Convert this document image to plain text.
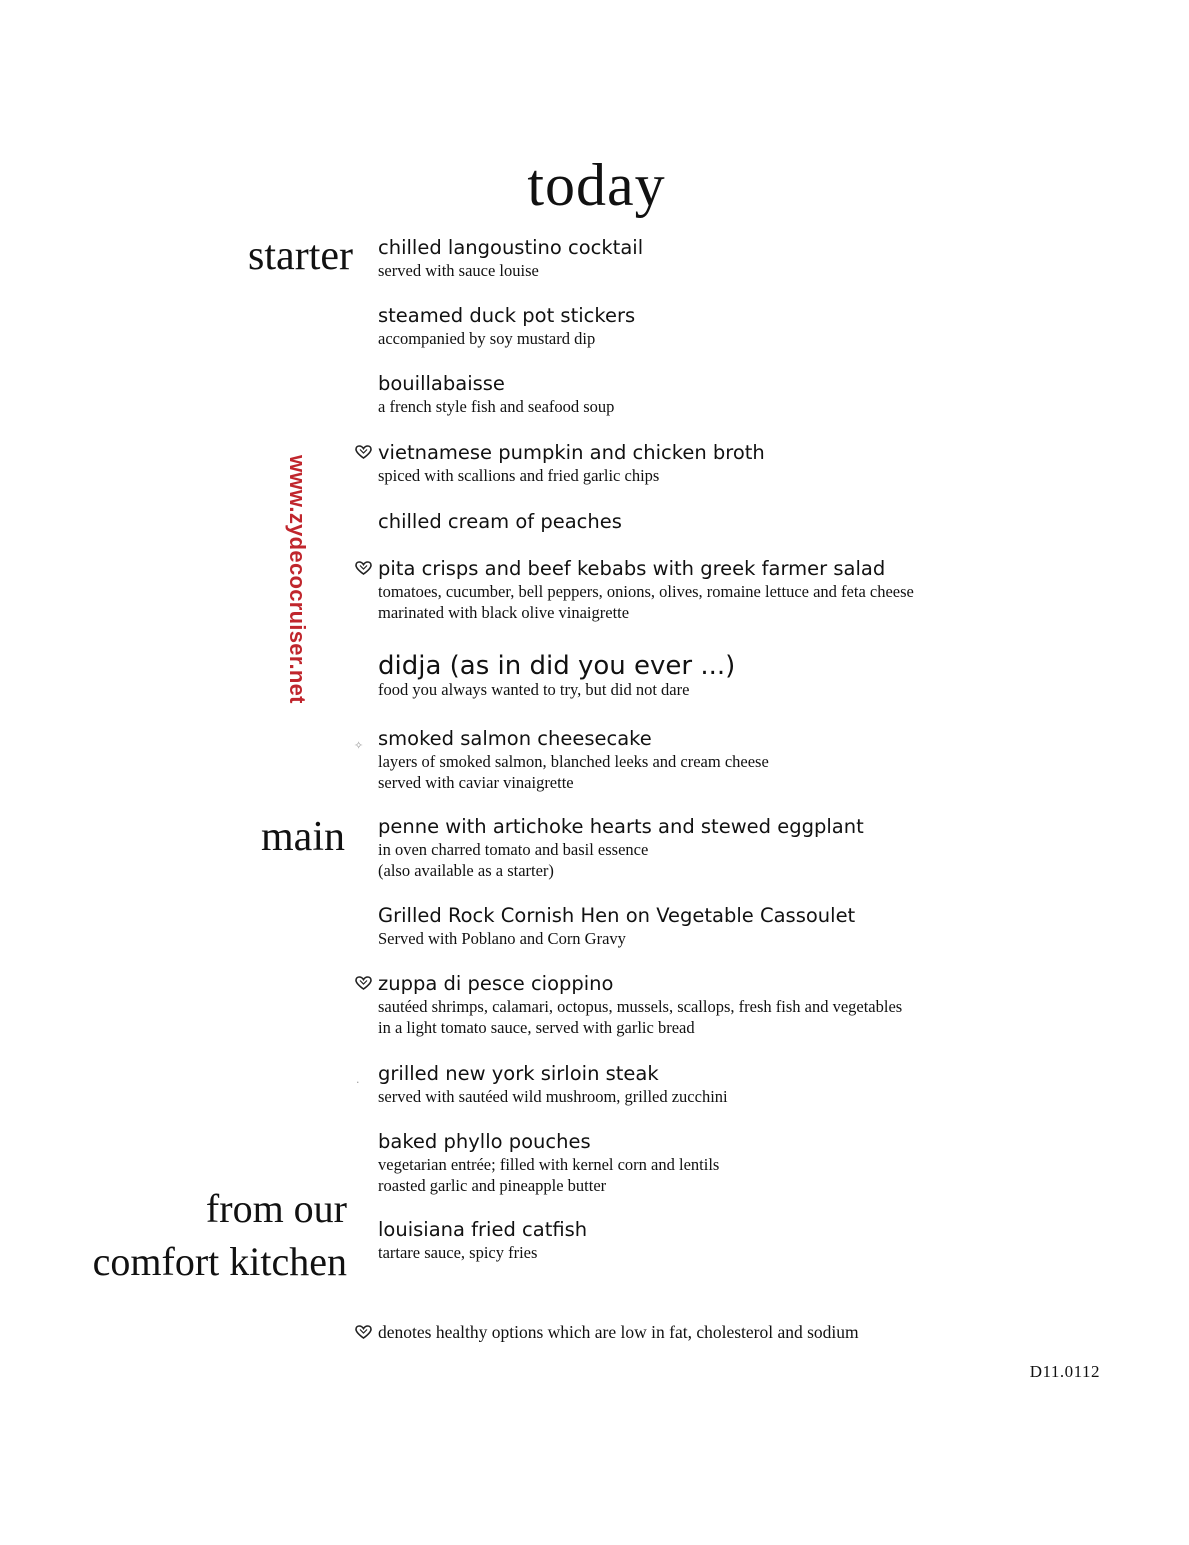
today
starter
main
from our
comfort kitchen
www.zydecocruiser.net
chilled langoustino cocktail
served with sauce louise
steamed duck pot stickers
accompanied by soy mustard dip
bouillabaisse
a french style fish and seafood soup
vietnamese pumpkin and chicken broth
spiced with scallions and fried garlic chips
chilled cream of peaches
pita crisps and beef kebabs with greek farmer salad
tomatoes, cucumber, bell peppers, onions, olives, romaine lettuce and feta cheese
marinated with black olive vinaigrette
didja (as in did you ever ...)
food you always wanted to try, but did not dare
✧ smoked salmon cheesecake
layers of smoked salmon, blanched leeks and cream cheese
served with caviar vinaigrette
penne with artichoke hearts and stewed eggplant
in oven charred tomato and basil essence
(also available as a starter)
Grilled Rock Cornish Hen on Vegetable Cassoulet
Served with Poblano and Corn Gravy
zuppa di pesce cioppino
sautéed shrimps, calamari, octopus, mussels, scallops, fresh fish and vegetables
in a light tomato sauce, served with garlic bread
· grilled new york sirloin steak
served with sautéed wild mushroom, grilled zucchini
baked phyllo pouches
vegetarian entrée; filled with kernel corn and lentils
roasted garlic and pineapple butter
louisiana fried catfish
tartare sauce, spicy fries
denotes healthy options which are low in fat, cholesterol and sodium
D11.0112
